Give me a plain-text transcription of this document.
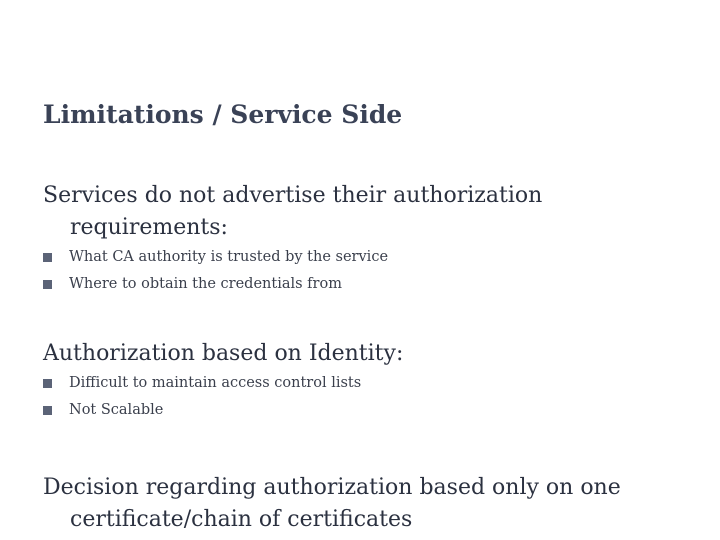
Limitations / Service Side
Services do not advertise their authorization requirements:
What CA authority is trusted by the service
Where to obtain the credentials from
Authorization based on Identity:
Difficult to maintain access control lists
Not Scalable
Decision regarding authorization based only on one certificate/chain of certificates
